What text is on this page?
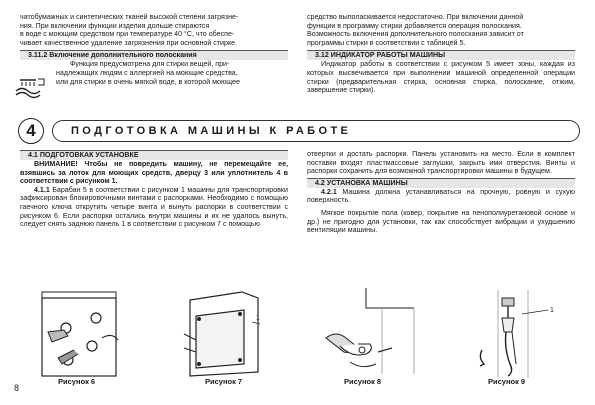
чатобумажных и синтетических тканей высокой степени загрязне-

ния. При включении функции изделия дольше стираются

в воде с моющим средством при температуре 40 °C, что обеспе-

чивает качественное удаление загрязнения при основной стирке.

3.11.2 Включение дополнительного полоскания

Функция предусмотрена для стирки вещей, при-

надлежащих людям с аллергией на моющие средства,

или для стирки в очень мягкой воде, в которой моющее

средство выполаскивается недостаточно. При включении данной

функции в программу стирки добавляется операция полоскания.

Возможность включения дополнительного полоскания зависит от

программы стирки в соответствии с таблицей 5.

3.12 ИНДИКАТОР РАБОТЫ МАШИНЫ

Индикатор работы в соответствии с рисунком 5 имеет зоны, каждая из которых высвечивается при выполнении машиной определенной операции стирки (предварительная стирка, основная стирка, полоскание, отжим, завершение стирки).

ПОДГОТОВКА МАШИНЫ К РАБОТЕ
4

4.1 ПОДГОТОВКАК УСТАНОВКЕ

ВНИМАНИЕ! Чтобы не повредить машину, не перемещайте ее, взявшись за лоток для моющих средств, дверцу 3 или уплотнитель 4 в соответствии с рисунком 1.

4.1.1 Барабан 5 в соответствии с рисунком 1 машины для транспортировки зафиксирован блокировочными винтами с распорками. Необходимо с помощью гаечного ключа открутить четыре винта и вынуть распорки в соответствии с рисунком 6. Если распорки остались внутри машины и их не удалось вынуть, следует снять заднюю панель 1 в соответствии с рисунком 7 с помощью

отвертки и достать распорки. Панель установить на место. Если в комплект поставки входят пластмассовые заглушки, закрыть ими отверстия. Винты и распорки сохранить для возможной транспортировки машины в будущем.

4.2 УСТАНОВКА МАШИНЫ

4.2.1 Машина должна устанавливаться на прочную, ровную и сухую поверхность.

Мягкое покрытие пола (ковер, покрытие на пенополиуретановой основе и др.) не пригодно для установки, так как способствует вибрации и ухудшению вентиляции машины.

Рисунок 6
1
Рисунок 7	Рисунок 8
1
Рисунок 9
8
